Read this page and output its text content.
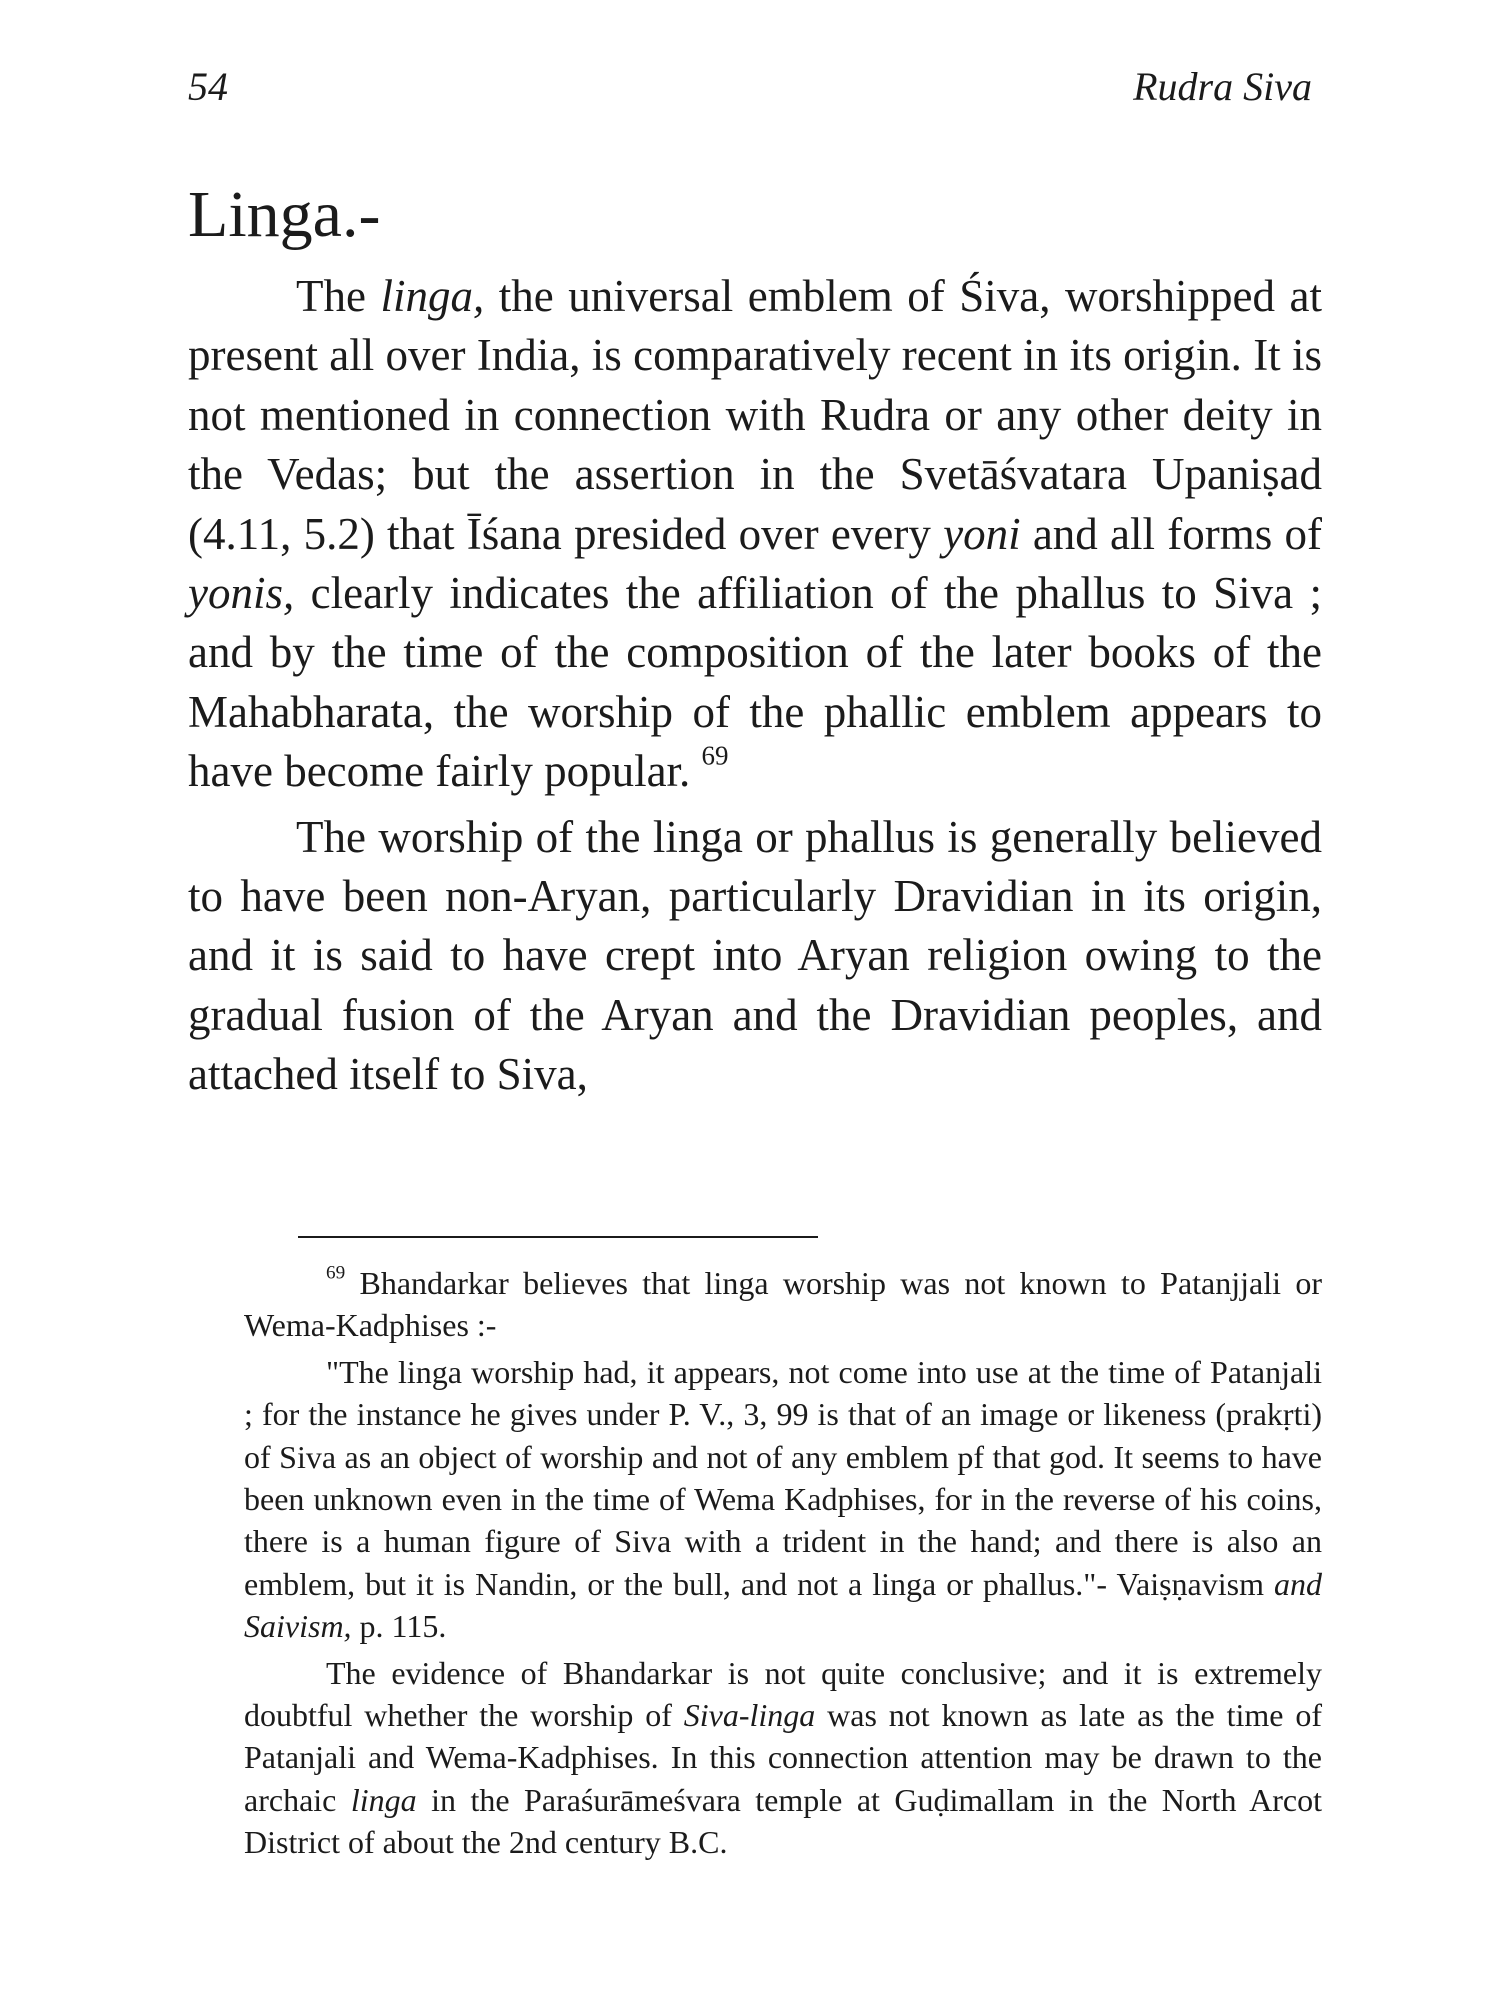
54	Rudra Siva
Linga.-

The linga, the universal emblem of Śiva, worshipped at present all over India, is comparatively recent in its origin. It is not mentioned in connection with Rudra or any other deity in the Vedas; but the assertion in the Svetāśvatara Upaniṣad (4.11, 5.2) that Īśana presided over every yoni and all forms of yonis, clearly indicates the affiliation of the phallus to Siva ; and by the time of the composition of the later books of the Mahabharata, the worship of the phallic emblem appears to have become fairly popular. $^{69}$

The worship of the linga or phallus is generally believed to have been non-Aryan, particularly Dravidian in its origin, and it is said to have crept into Aryan religion owing to the gradual fusion of the Aryan and the Dravidian peoples, and attached itself to Siva,

$^{69}$ Bhandarkar believes that linga worship was not known to Patanjjali or Wema-Kadphises :-

"The linga worship had, it appears, not come into use at the time of Patanjali ; for the instance he gives under P. V., 3, 99 is that of an image or likeness (prakṛti) of Siva as an object of worship and not of any emblem pf that god. It seems to have been unknown even in the time of Wema Kadphises, for in the reverse of his coins, there is a human figure of Siva with a trident in the hand; and there is also an emblem, but it is Nandin, or the bull, and not a linga or phallus."- Vaiṣṇavism and Saivism, p. 115.

The evidence of Bhandarkar is not quite conclusive; and it is extremely doubtful whether the worship of Siva-linga was not known as late as the time of Patanjali and Wema-Kadphises. In this connection attention may be drawn to the archaic linga in the Paraśurāmeśvara temple at Guḍimallam in the North Arcot District of about the 2nd century B.C.
